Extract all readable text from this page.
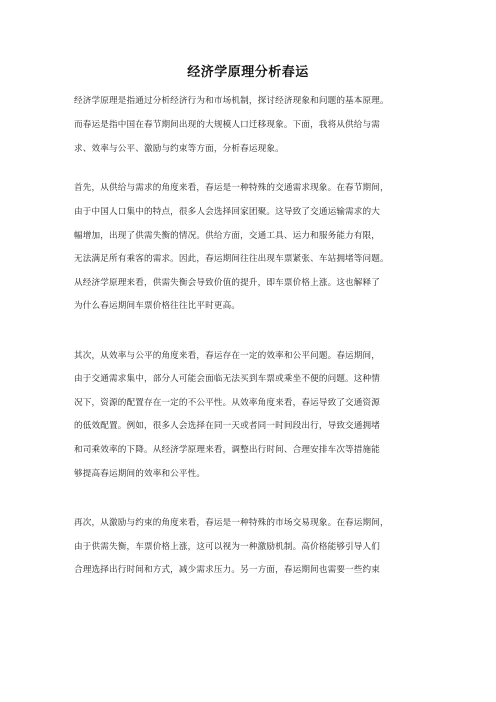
经济学原理分析春运
经济学原理是指通过分析经济行为和市场机制，探讨经济现象和问题的基本原理。
而春运是指中国在春节期间出现的大规模人口迁移现象。下面，我将从供给与需
求、效率与公平、激励与约束等方面，分析春运现象。
首先，从供给与需求的角度来看，春运是一种特殊的交通需求现象。在春节期间，
由于中国人口集中的特点，很多人会选择回家团聚。这导致了交通运输需求的大
幅增加，出现了供需失衡的情况。供给方面，交通工具、运力和服务能力有限，
无法满足所有乘客的需求。因此，春运期间往往出现车票紧张、车站拥堵等问题。
从经济学原理来看，供需失衡会导致价值的提升，即车票价格上涨。这也解释了
为什么春运期间车票价格往往比平时更高。
其次，从效率与公平的角度来看，春运存在一定的效率和公平问题。春运期间，
由于交通需求集中，部分人可能会面临无法买到车票或乘坐不便的问题。这种情
况下，资源的配置存在一定的不公平性。从效率角度来看，春运导致了交通资源
的低效配置。例如，很多人会选择在同一天或者同一时间段出行，导致交通拥堵
和司乘效率的下降。从经济学原理来看，调整出行时间、合理安排车次等措施能
够提高春运期间的效率和公平性。
再次，从激励与约束的角度来看，春运是一种特殊的市场交易现象。在春运期间，
由于供需失衡，车票价格上涨，这可以视为一种激励机制。高价格能够引导人们
合理选择出行时间和方式，减少需求压力。另一方面，春运期间也需要一些约束
